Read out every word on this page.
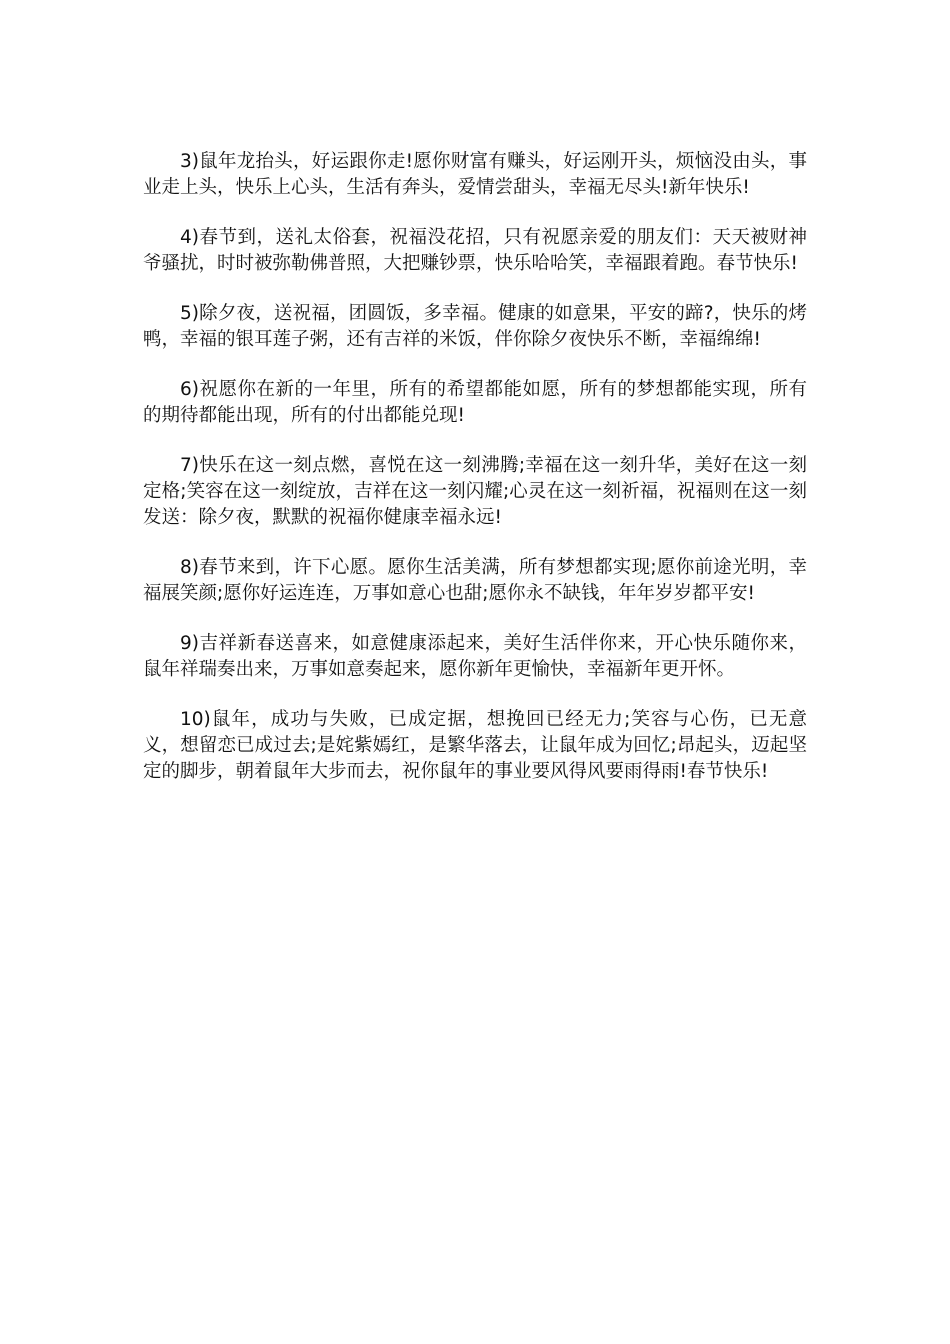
3)鼠年龙抬头，好运跟你走!愿你财富有赚头，好运刚开头，烦恼没由头，事业走上头，快乐上心头，生活有奔头，爱情尝甜头，幸福无尽头!新年快乐!

4)春节到，送礼太俗套，祝福没花招，只有祝愿亲爱的朋友们：天天被财神爷骚扰，时时被弥勒佛普照，大把赚钞票，快乐哈哈笑，幸福跟着跑。春节快乐!

5)除夕夜，送祝福，团圆饭，多幸福。健康的如意果，平安的蹄?，快乐的烤鸭，幸福的银耳莲子粥，还有吉祥的米饭，伴你除夕夜快乐不断，幸福绵绵!

6)祝愿你在新的一年里，所有的希望都能如愿，所有的梦想都能实现，所有的期待都能出现，所有的付出都能兑现!

7)快乐在这一刻点燃，喜悦在这一刻沸腾;幸福在这一刻升华，美好在这一刻定格;笑容在这一刻绽放，吉祥在这一刻闪耀;心灵在这一刻祈福，祝福则在这一刻发送：除夕夜，默默的祝福你健康幸福永远!

8)春节来到，许下心愿。愿你生活美满，所有梦想都实现;愿你前途光明，幸福展笑颜;愿你好运连连，万事如意心也甜;愿你永不缺钱，年年岁岁都平安!

9)吉祥新春送喜来，如意健康添起来，美好生活伴你来，开心快乐随你来，鼠年祥瑞奏出来，万事如意奏起来，愿你新年更愉快，幸福新年更开怀。

10)鼠年，成功与失败，已成定据，想挽回已经无力;笑容与心伤，已无意义，想留恋已成过去;是姹紫嫣红，是繁华落去，让鼠年成为回忆;昂起头，迈起坚定的脚步，朝着鼠年大步而去，祝你鼠年的事业要风得风要雨得雨!春节快乐!
